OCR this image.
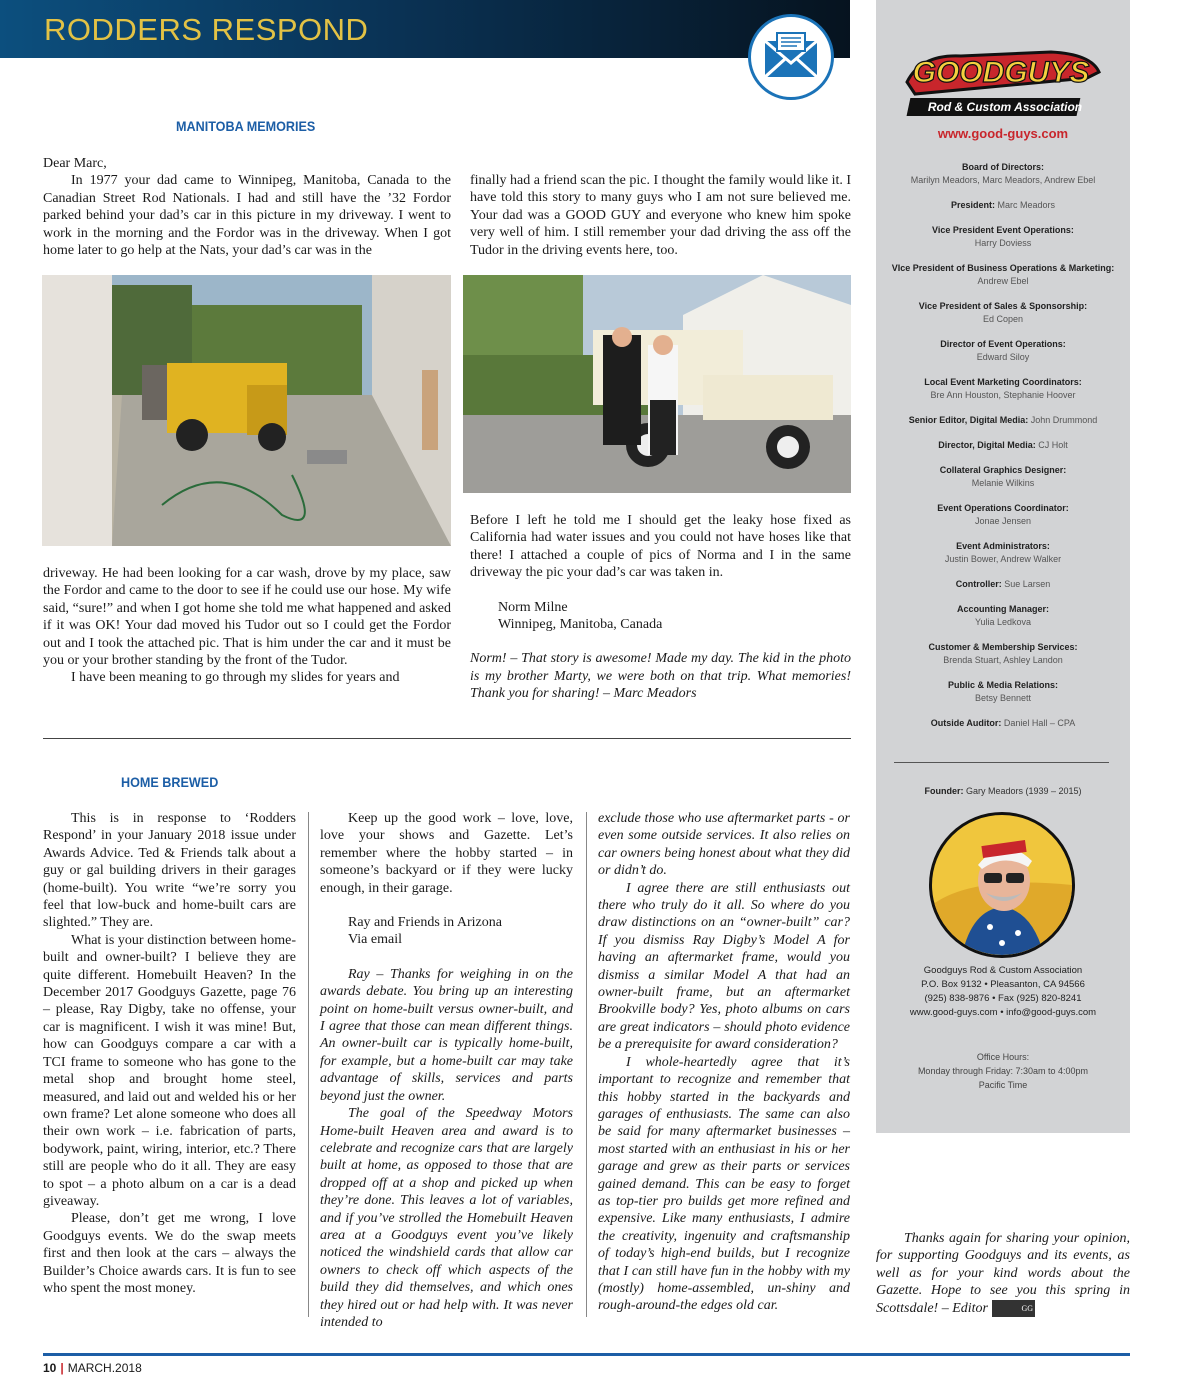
RODDERS RESPOND
GOODGUYS
Rod & Custom Association
www.good-guys.com
Board of Directors:
Marilyn Meadors, Marc Meadors, Andrew Ebel
President: Marc Meadors
Vice President Event Operations:
Harry Doviess
VIce President of Business Operations & Marketing: Andrew Ebel
Vice President of Sales & Sponsorship:
Ed Copen
Director of Event Operations:
Edward Siloy
Local Event Marketing Coordinators:
Bre Ann Houston, Stephanie Hoover
Senior Editor, Digital Media: John Drummond
Director, Digital Media: CJ Holt
Collateral Graphics Designer:
Melanie Wilkins
Event Operations Coordinator:
Jonae Jensen
Event Administrators:
Justin Bower, Andrew Walker
Controller: Sue Larsen
Accounting Manager:
Yulia Ledkova
Customer & Membership Services:
Brenda Stuart, Ashley Landon
Public & Media Relations:
Betsy Bennett
Outside Auditor: Daniel Hall – CPA
Founder: Gary Meadors (1939 – 2015)
Goodguys Rod & Custom Association
P.O. Box 9132 • Pleasanton, CA 94566
(925) 838-9876 • Fax (925) 820-8241
www.good-guys.com • info@good-guys.com
Office Hours:
Monday through Friday: 7:30am to 4:00pm
Pacific Time
MANITOBA MEMORIES

Dear Marc,

In 1977 your dad came to Winnipeg, Manitoba, Canada to the Canadian Street Rod Nationals. I had and still have the ’32 Fordor parked behind your dad’s car in this picture in my driveway. I went to work in the morning and the Fordor was in the driveway. When I got home later to go help at the Nats, your dad’s car was in the

driveway. He had been looking for a car wash, drove by my place, saw the Fordor and came to the door to see if he could use our hose. My wife said, “sure!” and when I got home she told me what happened and asked if it was OK! Your dad moved his Tudor out so I could get the Fordor out and I took the attached pic. That is him under the car and it must be you or your brother standing by the front of the Tudor.

I have been meaning to go through my slides for years and

finally had a friend scan the pic. I thought the family would like it. I have told this story to many guys who I am not sure believed me. Your dad was a GOOD GUY and everyone who knew him spoke very well of him. I still remember your dad driving the ass off the Tudor in the driving events here, too.

Before I left he told me I should get the leaky hose fixed as California had water issues and you could not have hoses like that there! I attached a couple of pics of Norma and I in the same driveway the pic your dad’s car was taken in.

Norm Milne

Winnipeg, Manitoba, Canada

Norm! – That story is awesome! Made my day. The kid in the photo is my brother Marty, we were both on that trip. What memories! Thank you for sharing! – Marc Meadors

HOME BREWED

This is in response to ‘Rodders Respond’ in your January 2018 issue under Awards Advice. Ted & Friends talk about a guy or gal building drivers in their garages (home-built). You write “we’re sorry you feel that low-buck and home-built cars are slighted.” They are.

What is your distinction between home-built and owner-built? I believe they are quite different. Homebuilt Heaven? In the December 2017 Goodguys Gazette, page 76 – please, Ray Digby, take no offense, your car is magnificent. I wish it was mine! But, how can Goodguys compare a car with a TCI frame to someone who has gone to the metal shop and brought home steel, measured, and laid out and welded his or her own frame? Let alone someone who does all their own work – i.e. fabrication of parts, bodywork, paint, wiring, interior, etc.? There still are people who do it all. They are easy to spot – a photo album on a car is a dead giveaway.

Please, don’t get me wrong, I love Goodguys events. We do the swap meets first and then look at the cars – always the Builder’s Choice awards cars. It is fun to see who spent the most money.

Keep up the good work – love, love, love your shows and Gazette. Let’s remember where the hobby started – in someone’s backyard or if they were lucky enough, in their garage.

Ray and Friends in Arizona

Via email

Ray – Thanks for weighing in on the awards debate. You bring up an interesting point on home-built versus owner-built, and I agree that those can mean different things. An owner-built car is typically home-built, for example, but a home-built car may take advantage of skills, services and parts beyond just the owner.

The goal of the Speedway Motors Home-built Heaven area and award is to celebrate and recognize cars that are largely built at home, as opposed to those that are dropped off at a shop and picked up when they’re done. This leaves a lot of variables, and if you’ve strolled the Homebuilt Heaven area at a Goodguys event you’ve likely noticed the windshield cards that allow car owners to check off which aspects of the build they did themselves, and which ones they hired out or had help with. It was never intended to

exclude those who use aftermarket parts - or even some outside services. It also relies on car owners being honest about what they did or didn’t do.

I agree there are still enthusiasts out there who truly do it all. So where do you draw distinctions on an “owner-built” car? If you dismiss Ray Digby’s Model A for having an aftermarket frame, would you dismiss a similar Model A that had an owner-built frame, but an aftermarket Brookville body? Yes, photo albums on cars are great indicators – should photo evidence be a prerequisite for award consideration?

I whole-heartedly agree that it’s important to recognize and remember that this hobby started in the backyards and garages of enthusiasts. The same can also be said for many aftermarket businesses – most started with an enthusiast in his or her garage and grew as their parts or services gained demand. This can be easy to forget as top-tier pro builds get more refined and expensive. Like many enthusiasts, I admire the creativity, ingenuity and craftsmanship of today’s high-end builds, but I recognize that I can still have fun in the hobby with my (mostly) home-assembled, un-shiny and rough-around-the edges old car.

Thanks again for sharing your opinion, for supporting Goodguys and its events, as well as for your kind words about the Gazette. Hope to see you this spring in Scottsdale! – Editor	GG

10 | MARCH.2018
